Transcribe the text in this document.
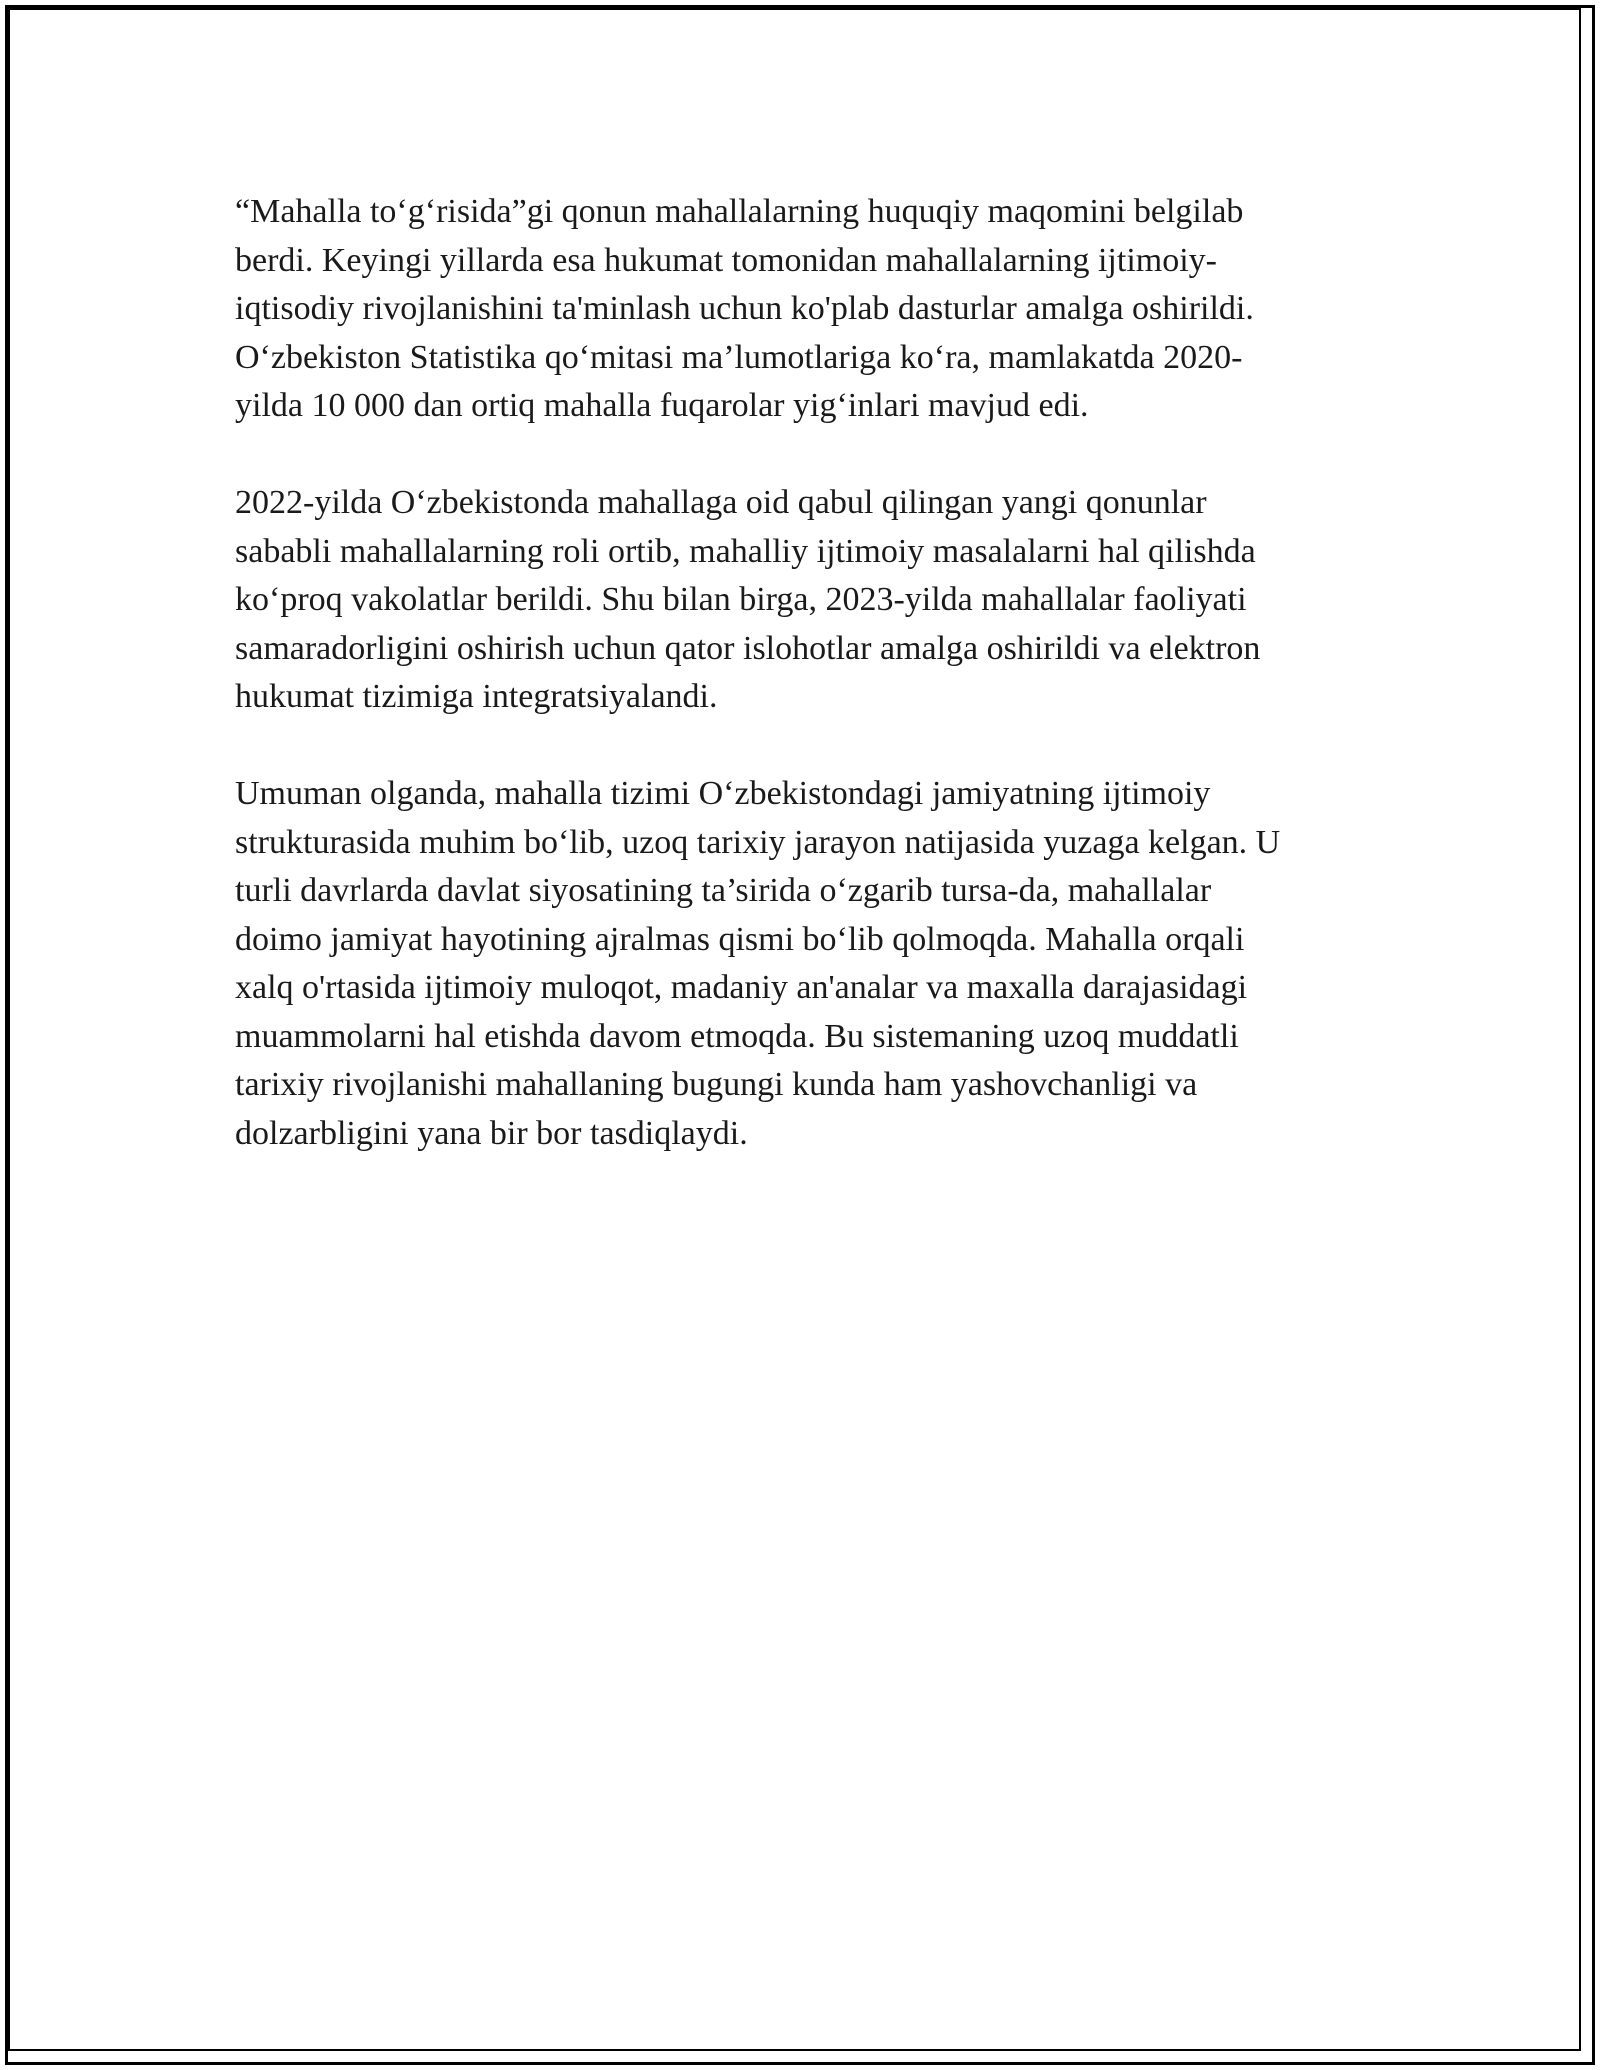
“Mahalla to‘g‘risida”gi qonun mahallalarning huquqiy maqomini belgilab
berdi. Keyingi yillarda esa hukumat tomonidan mahallalarning ijtimoiy-
iqtisodiy rivojlanishini ta'minlash uchun ko'plab dasturlar amalga oshirildi.
O‘zbekiston Statistika qo‘mitasi ma’lumotlariga ko‘ra, mamlakatda 2020-
yilda 10 000 dan ortiq mahalla fuqarolar yig‘inlari mavjud edi.

2022-yilda O‘zbekistonda mahallaga oid qabul qilingan yangi qonunlar
sababli mahallalarning roli ortib, mahalliy ijtimoiy masalalarni hal qilishda
ko‘proq vakolatlar berildi. Shu bilan birga, 2023-yilda mahallalar faoliyati
samaradorligini oshirish uchun qator islohotlar amalga oshirildi va elektron
hukumat tizimiga integratsiyalandi.

Umuman olganda, mahalla tizimi O‘zbekistondagi jamiyatning ijtimoiy
strukturasida muhim bo‘lib, uzoq tarixiy jarayon natijasida yuzaga kelgan. U
turli davrlarda davlat siyosatining ta’sirida o‘zgarib tursa-da, mahallalar
doimo jamiyat hayotining ajralmas qismi bo‘lib qolmoqda. Mahalla orqali
xalq o'rtasida ijtimoiy muloqot, madaniy an'analar va maxalla darajasidagi
muammolarni hal etishda davom etmoqda. Bu sistemaning uzoq muddatli
tarixiy rivojlanishi mahallaning bugungi kunda ham yashovchanligi va
dolzarbligini yana bir bor tasdiqlaydi.
